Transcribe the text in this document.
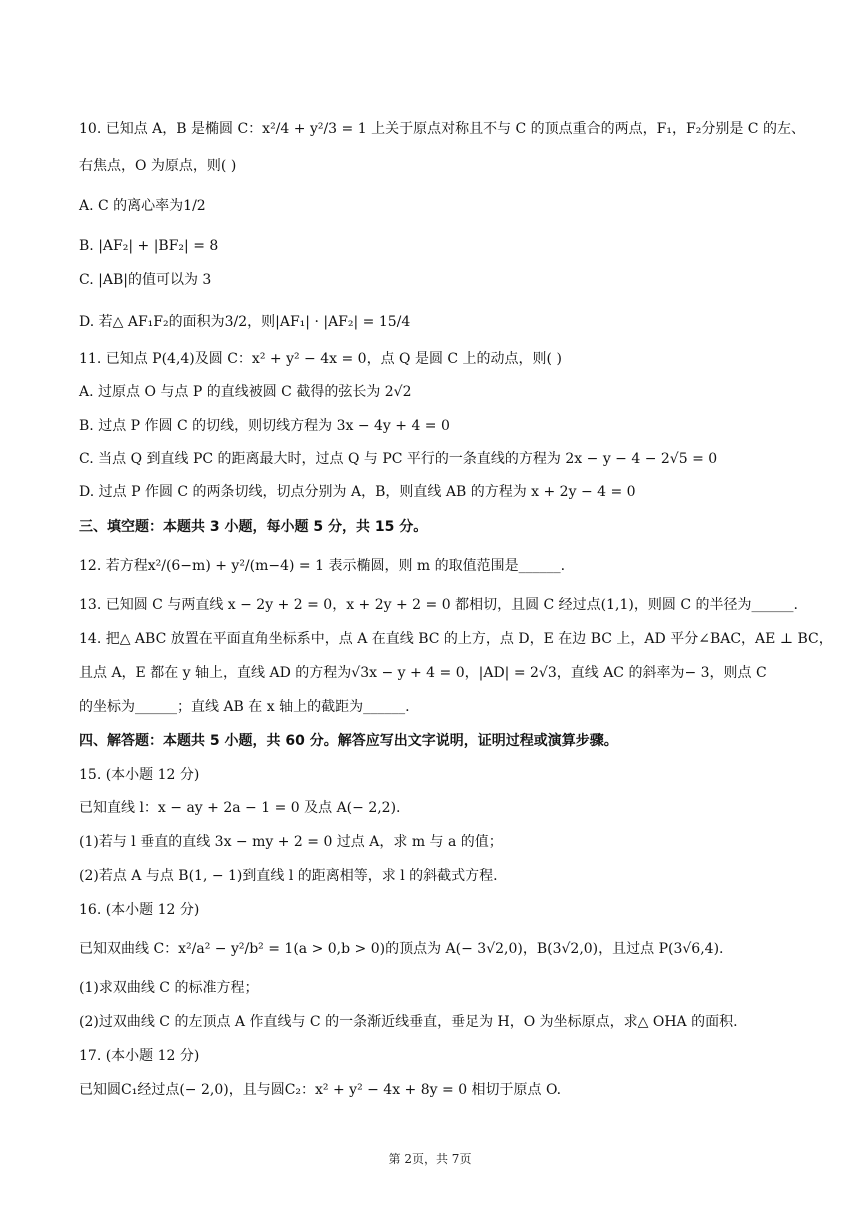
10. 已知点 A，B 是椭圆 C：x²/4 + y²/3 = 1 上关于原点对称且不与 C 的顶点重合的两点，F₁，F₂分别是 C 的左、
右焦点，O 为原点，则( )
A. C 的离心率为1/2
B. |AF₂| + |BF₂| = 8
C. |AB|的值可以为 3
D. 若△ AF₁F₂的面积为3/2，则|AF₁| · |AF₂| = 15/4
11. 已知点 P(4,4)及圆 C：x² + y² − 4x = 0，点 Q 是圆 C 上的动点，则( )
A. 过原点 O 与点 P 的直线被圆 C 截得的弦长为 2√2
B. 过点 P 作圆 C 的切线，则切线方程为 3x − 4y + 4 = 0
C. 当点 Q 到直线 PC 的距离最大时，过点 Q 与 PC 平行的一条直线的方程为 2x − y − 4 − 2√5 = 0
D. 过点 P 作圆 C 的两条切线，切点分别为 A，B，则直线 AB 的方程为 x + 2y − 4 = 0
三、填空题：本题共 3 小题，每小题 5 分，共 15 分。
12. 若方程x²/(6−m) + y²/(m−4) = 1 表示椭圆，则 m 的取值范围是______.
13. 已知圆 C 与两直线 x − 2y + 2 = 0，x + 2y + 2 = 0 都相切，且圆 C 经过点(1,1)，则圆 C 的半径为______.
14. 把△ ABC 放置在平面直角坐标系中，点 A 在直线 BC 的上方，点 D，E 在边 BC 上，AD 平分∠BAC，AE ⊥ BC，
且点 A，E 都在 y 轴上，直线 AD 的方程为√3x − y + 4 = 0，|AD| = 2√3，直线 AC 的斜率为− 3，则点 C
的坐标为______；直线 AB 在 x 轴上的截距为______.
四、解答题：本题共 5 小题，共 60 分。解答应写出文字说明，证明过程或演算步骤。
15. (本小题 12 分)
已知直线 l：x − ay + 2a − 1 = 0 及点 A(− 2,2).
(1)若与 l 垂直的直线 3x − my + 2 = 0 过点 A，求 m 与 a 的值；
(2)若点 A 与点 B(1, − 1)到直线 l 的距离相等，求 l 的斜截式方程.
16. (本小题 12 分)
已知双曲线 C：x²/a² − y²/b² = 1(a > 0,b > 0)的顶点为 A(− 3√2,0)，B(3√2,0)，且过点 P(3√6,4).
(1)求双曲线 C 的标准方程；
(2)过双曲线 C 的左顶点 A 作直线与 C 的一条渐近线垂直，垂足为 H，O 为坐标原点，求△ OHA 的面积.
17. (本小题 12 分)
已知圆C₁经过点(− 2,0)，且与圆C₂：x² + y² − 4x + 8y = 0 相切于原点 O.
第 2页，共 7页
